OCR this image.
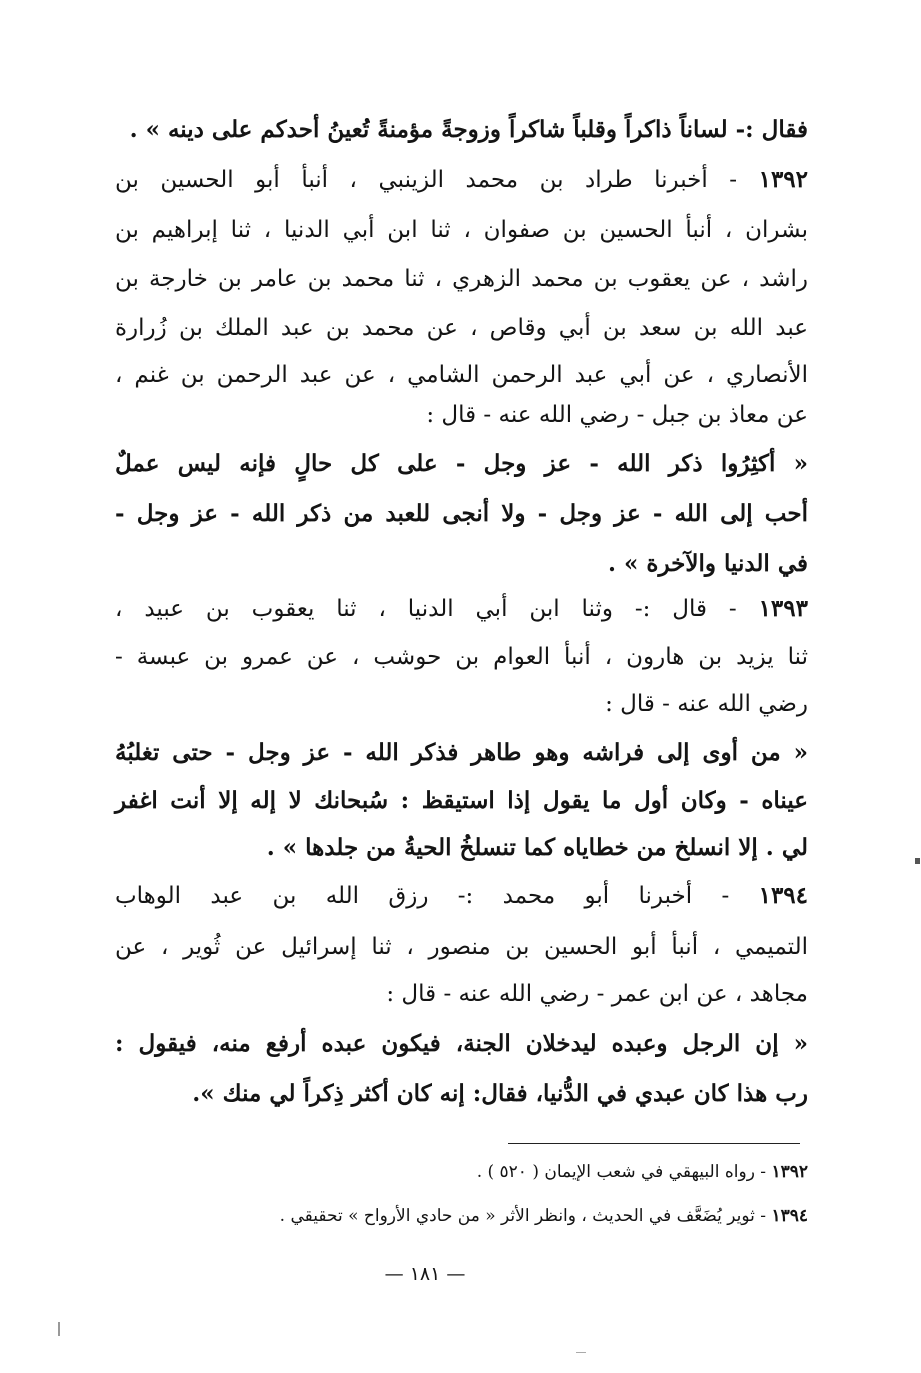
فقال :- لساناً ذاكراً وقلباً شاكراً وزوجةً مؤمنةً تُعينُ أحدكم على دينه » .
١٣٩٢ - أخبرنا طراد بن محمد الزينبي ، أنبأ أبو الحسين بن
بشران ، أنبأ الحسين بن صفوان ، ثنا ابن أبي الدنيا ، ثنا إبراهيم بن
راشد ، عن يعقوب بن محمد الزهري ، ثنا محمد بن عامر بن خارجة بن
عبد الله بن سعد بن أبي وقاص ، عن محمد بن عبد الملك بن زُرارة
الأنصاري ، عن أبي عبد الرحمن الشامي ، عن عبد الرحمن بن غنم ،
عن معاذ بن جبل - رضي الله عنه - قال :
« أكثِرُوا ذكر الله - عز وجل - على كل حالٍ فإنه ليس عملٌ
أحب إلى الله - عز وجل - ولا أنجى للعبد من ذكر الله - عز وجل -
في الدنيا والآخرة » .
١٣٩٣ - قال :- وثنا ابن أبي الدنيا ، ثنا يعقوب بن عبيد ،
ثنا يزيد بن هارون ، أنبأ العوام بن حوشب ، عن عمرو بن عبسة -
رضي الله عنه - قال :
« من أوى إلى فراشه وهو طاهر فذكر الله - عز وجل - حتى تغلبُهُ
عيناه - وكان أول ما يقول إذا استيقظ : سُبحانك لا إله إلا أنت اغفر
لي . إلا انسلخ من خطاياه كما تنسلخُ الحيةُ من جلدها » .
١٣٩٤ - أخبرنا أبو محمد :- رزق الله بن عبد الوهاب
التميمي ، أنبأ أبو الحسين بن منصور ، ثنا إسرائيل عن ثُوير ، عن
مجاهد ، عن ابن عمر - رضي الله عنه - قال :
« إن الرجل وعبده ليدخلان الجنة، فيكون عبده أرفع منه، فيقول :
رب هذا كان عبدي في الدُّنيا، فقال: إنه كان أكثر ذِكراً لي منك ».
١٣٩٢ - رواه البيهقي في شعب الإيمان ( ٥٢٠ ) .
١٣٩٤ - ثوير يُضَعَّف في الحديث ، وانظر الأثر « من حادي الأرواح » تحقيقي .
— ١٨١ —
